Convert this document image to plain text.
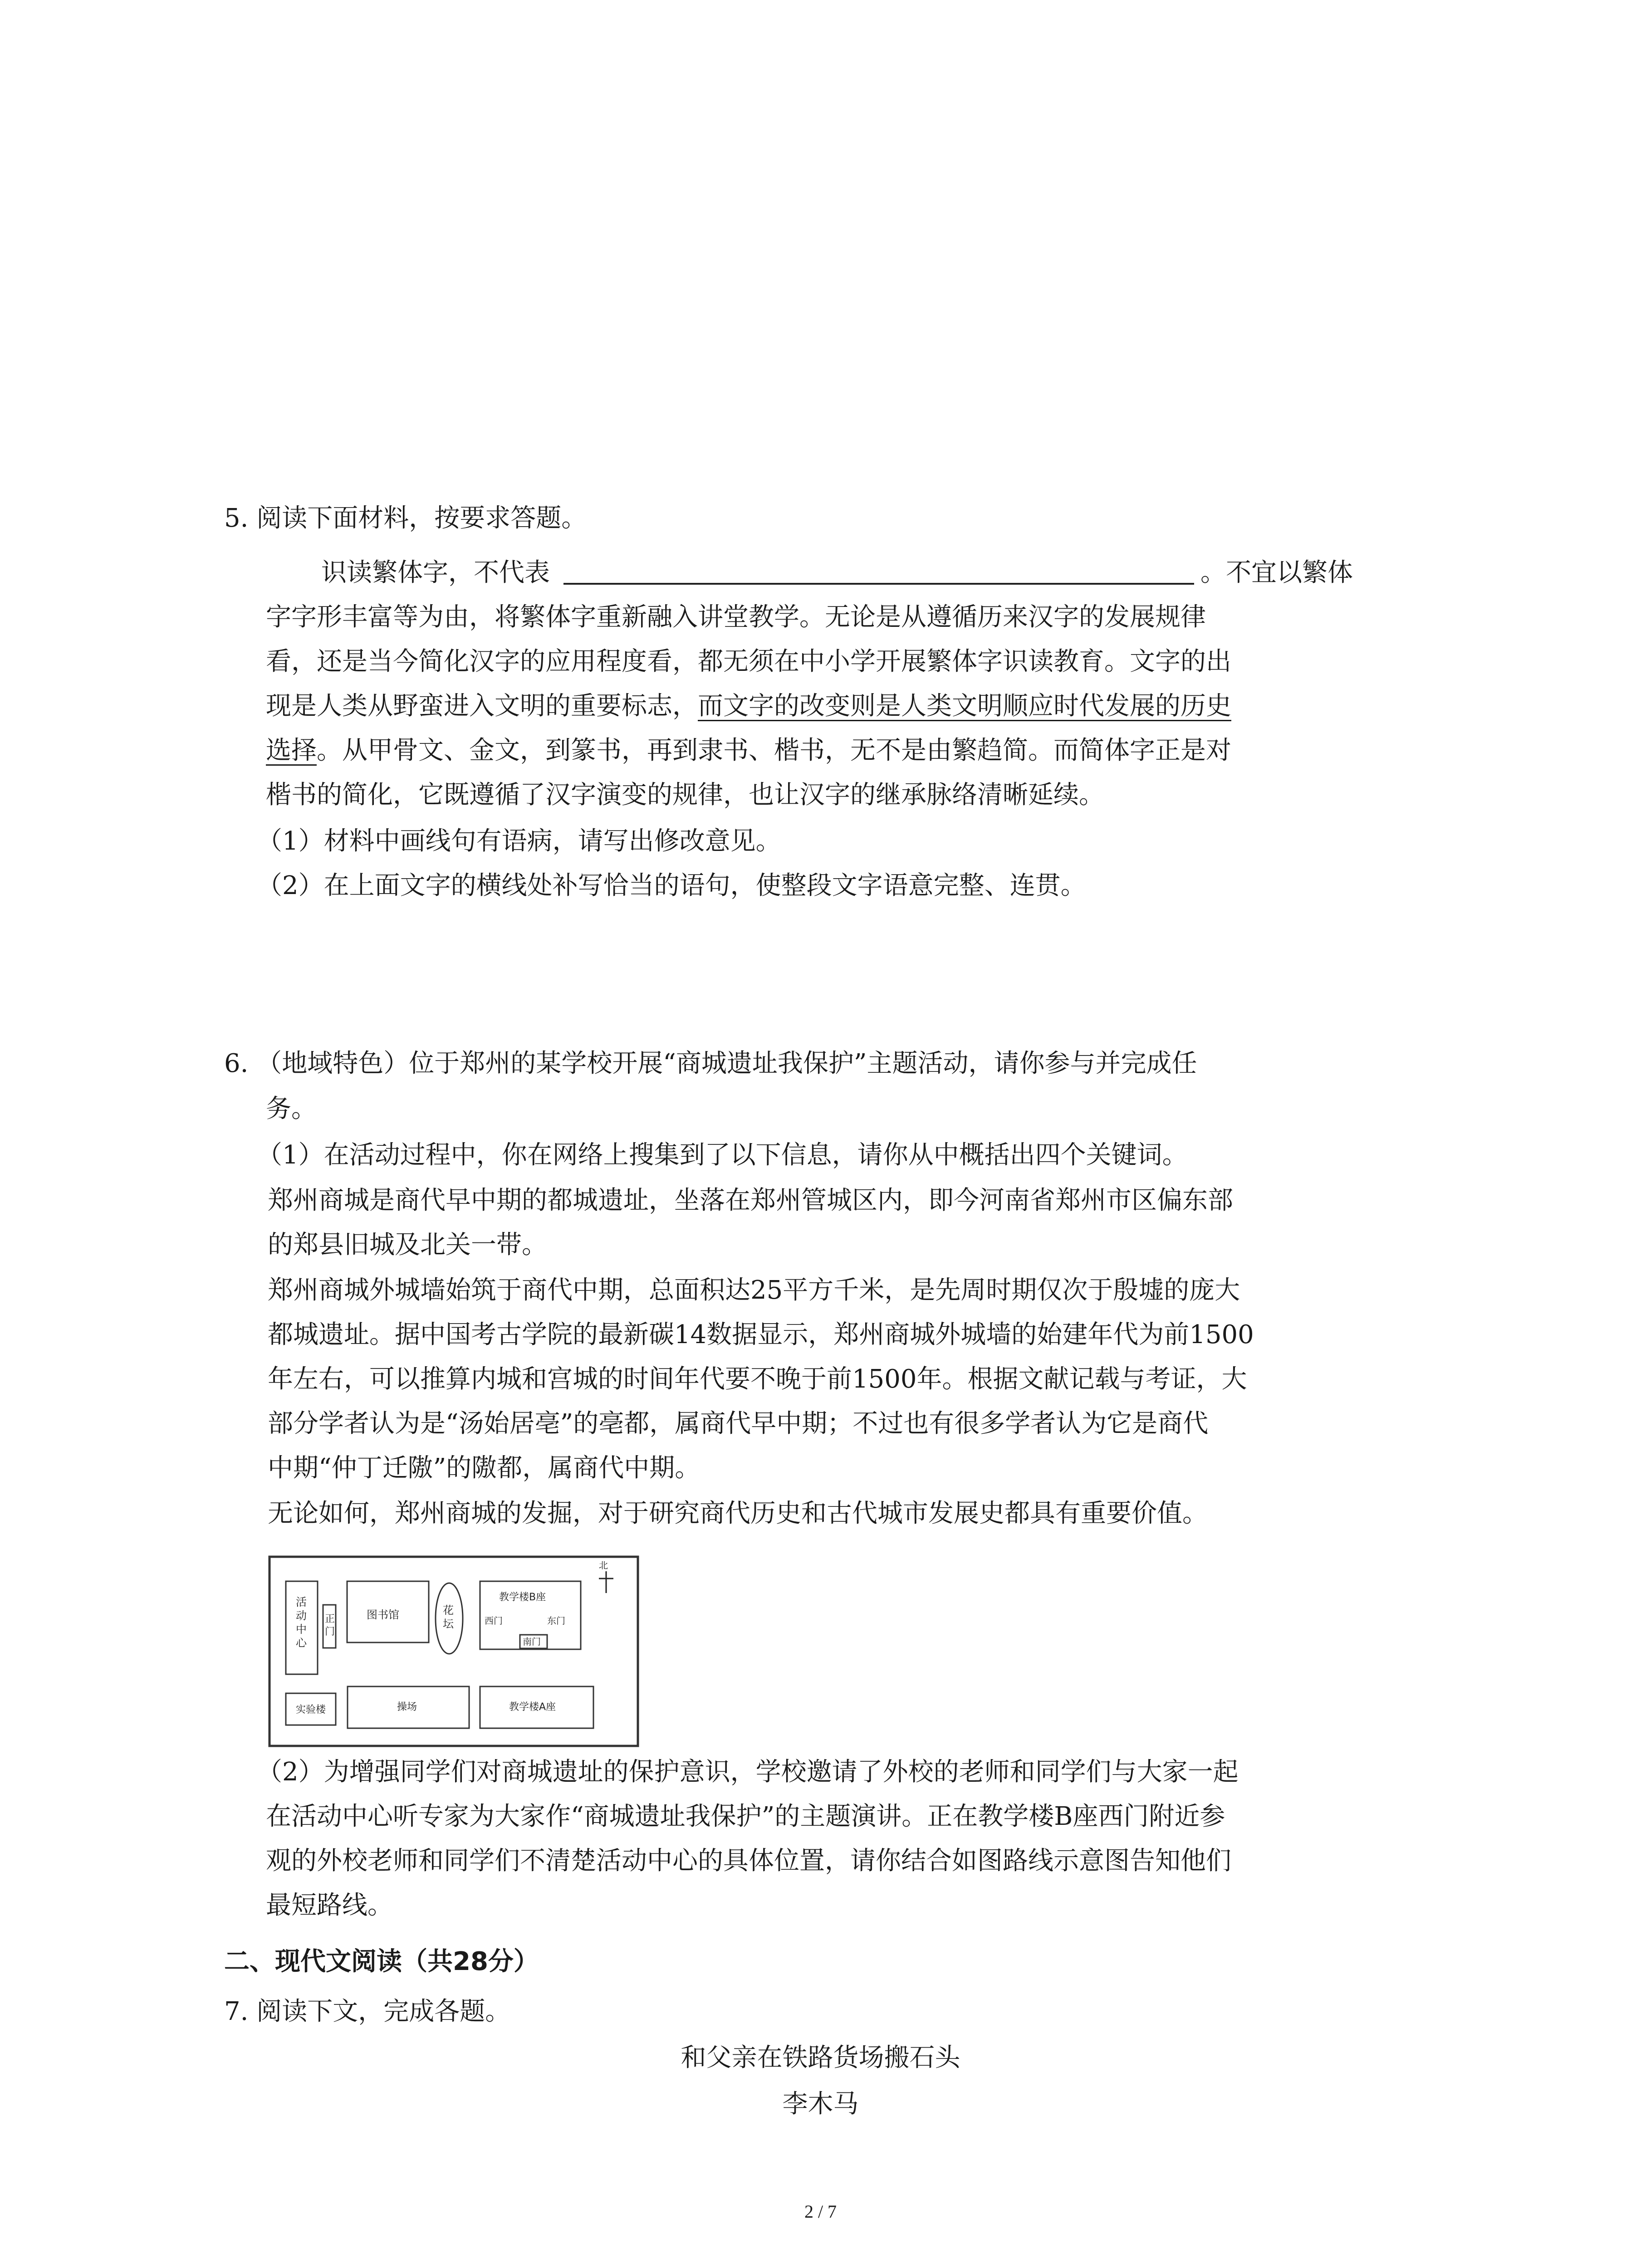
5. 阅读下面材料，按要求答题。
识读繁体字，不代表	。不宜以繁体
字字形丰富等为由，将繁体字重新融入讲堂教学。无论是从遵循历来汉字的发展规律
看，还是当今简化汉字的应用程度看，都无须在中小学开展繁体字识读教育。文字的出
现是人类从野蛮进入文明的重要标志，而文字的改变则是人类文明顺应时代发展的历史
选择。从甲骨文、金文，到篆书，再到隶书、楷书，无不是由繁趋简。而简体字正是对
楷书的简化，它既遵循了汉字演变的规律，也让汉字的继承脉络清晰延续。
（1）材料中画线句有语病，请写出修改意见。
（2）在上面文字的横线处补写恰当的语句，使整段文字语意完整、连贯。
6. （地域特色）位于郑州的某学校开展“商城遗址我保护”主题活动，请你参与并完成任
务。
（1）在活动过程中，你在网络上搜集到了以下信息，请你从中概括出四个关键词。
郑州商城是商代早中期的都城遗址，坐落在郑州管城区内，即今河南省郑州市区偏东部
的郑县旧城及北关一带。
郑州商城外城墙始筑于商代中期，总面积达25平方千米，是先周时期仅次于殷墟的庞大
都城遗址。据中国考古学院的最新碳14数据显示，郑州商城外城墙的始建年代为前1500
年左右，可以推算内城和宫城的时间年代要不晚于前1500年。根据文献记载与考证，大
部分学者认为是“汤始居亳”的亳都，属商代早中期；不过也有很多学者认为它是商代
中期“仲丁迁隞”的隞都，属商代中期。
无论如何，郑州商城的发掘，对于研究商代历史和古代城市发展史都具有重要价值。
北
活
动
中
心
正
门
图书馆	花
坛
教学楼B座
西门	东门
南门
实验楼	操场	教学楼A座
（2）为增强同学们对商城遗址的保护意识，学校邀请了外校的老师和同学们与大家一起
在活动中心听专家为大家作“商城遗址我保护”的主题演讲。正在教学楼B座西门附近参
观的外校老师和同学们不清楚活动中心的具体位置，请你结合如图路线示意图告知他们
最短路线。
二、现代文阅读（共28分）
7. 阅读下文，完成各题。
和父亲在铁路货场搬石头
李木马
2 / 7
